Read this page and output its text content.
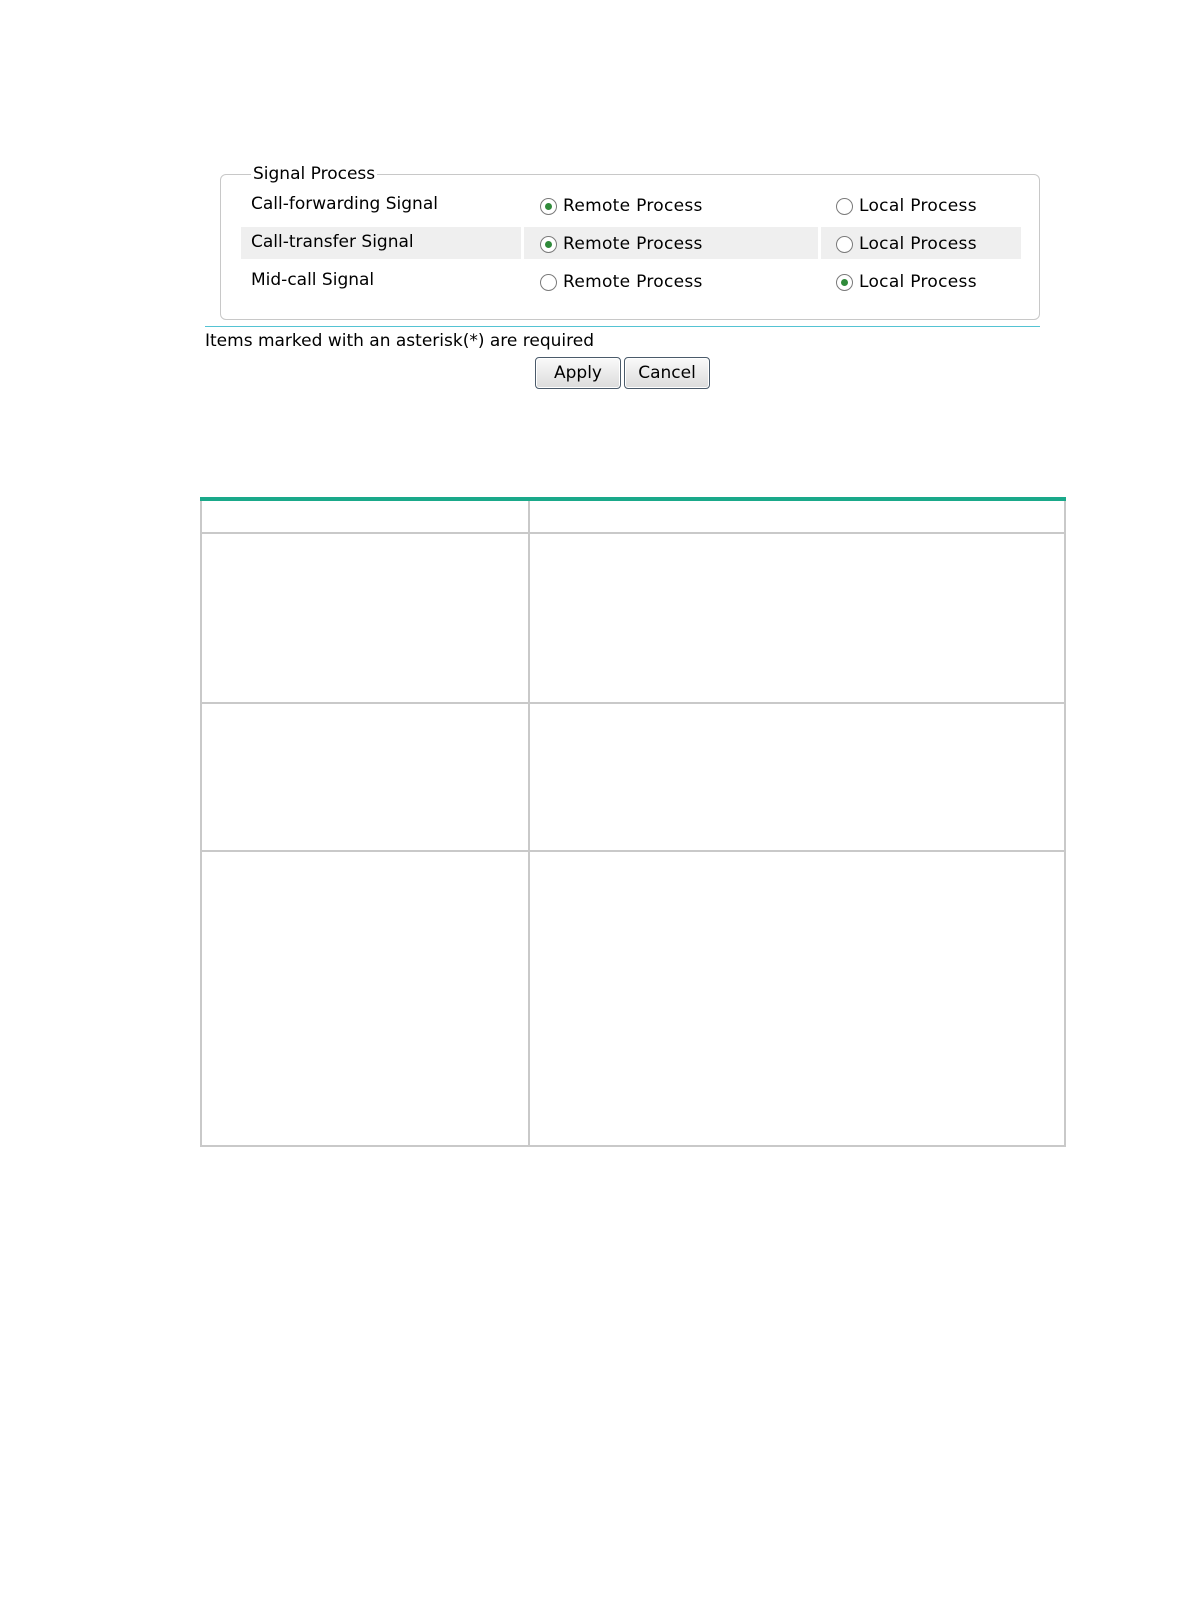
Signal Process
Call-forwarding Signal	Remote Process	Local Process
Call-transfer Signal	Remote Process	Local Process
Mid-call Signal	Remote Process	Local Process
Items marked with an asterisk(*) are required
Apply	Cancel
